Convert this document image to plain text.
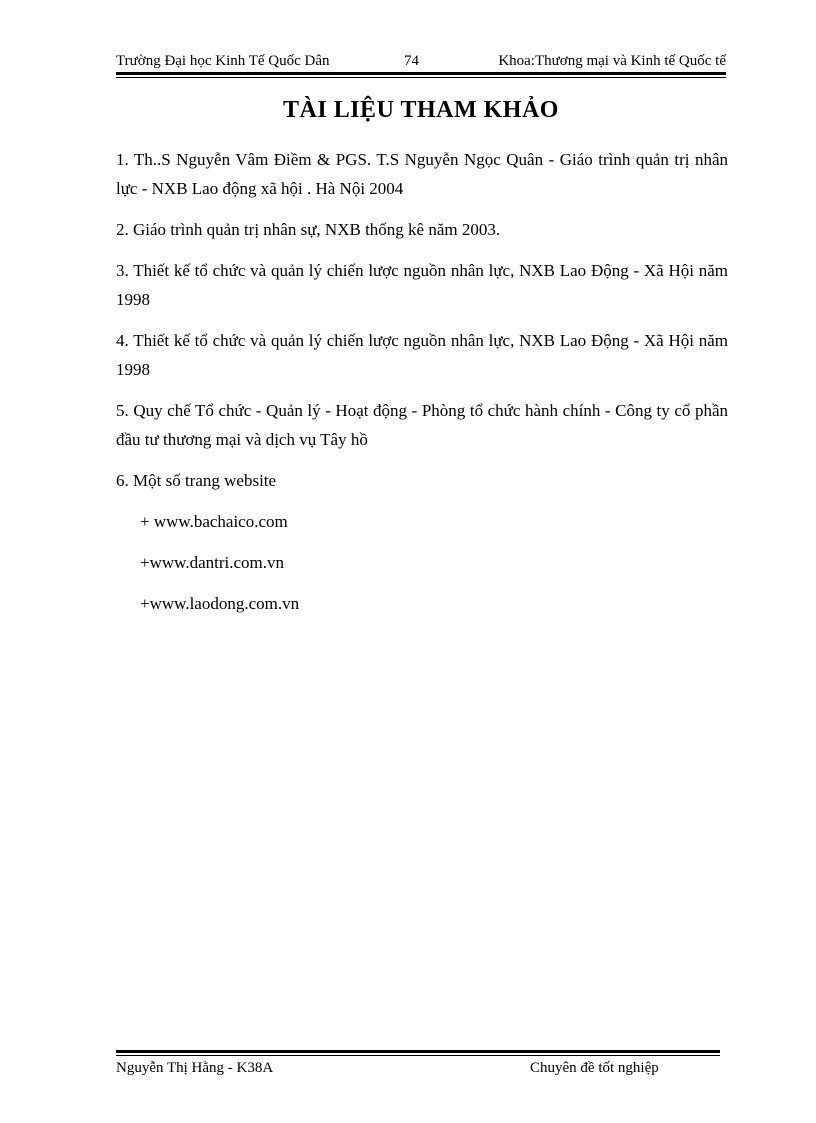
Trường Đại học Kinh Tế Quốc Dân	74	Khoa:Thương mại và Kinh tế Quốc tế
TÀI LIỆU THAM KHẢO

1. Th..S Nguyễn Vâm Điềm & PGS. T.S Nguyễn Ngọc Quân - Giáo trình quản trị nhân lực - NXB Lao động xã hội . Hà Nội 2004

2. Giáo trình quản trị nhân sự, NXB thống kê năm 2003.

3. Thiết kế tổ chức và quản lý chiến lược nguồn nhân lực, NXB Lao Động - Xã Hội năm 1998

4. Thiết kế tổ chức và quản lý chiến lược nguồn nhân lực, NXB Lao Động - Xã Hội năm 1998

5. Quy chế Tổ chức - Quản lý - Hoạt động - Phòng tổ chức hành chính - Công ty cổ phần đầu tư thương mại và dịch vụ Tây hồ

6. Một số trang website

+ www.bachaico.com

+www.dantri.com.vn

+www.laodong.com.vn

Nguyễn Thị Hằng - K38A	Chuyên đề tốt nghiệp
